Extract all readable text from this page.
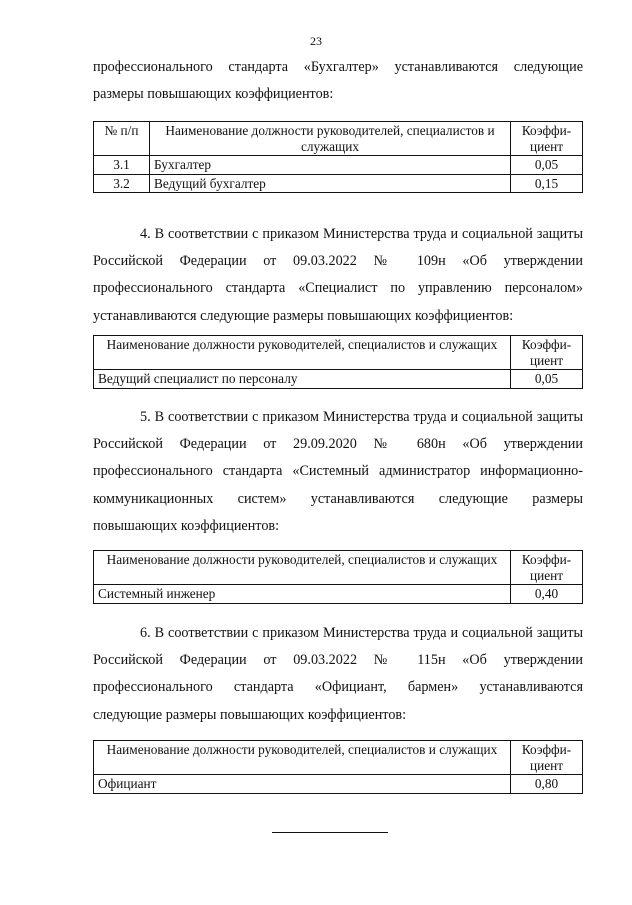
23

профессионального стандарта «Бухгалтер» устанавливаются следующие размеры повышающих коэффициентов:

№ п/п	Наименование должности руководителей, специалистов и служащих	Коэффи- циент
3.1	Бухгалтер	0,05
3.2	Ведущий бухгалтер	0,15

4. В соответствии с приказом Министерства труда и социальной защиты Российской Федерации от 09.03.2022 № 109н «Об утверждении профессионального стандарта «Специалист по управлению персоналом» устанавливаются следующие размеры повышающих коэффициентов:

Наименование должности руководителей, специалистов и служащих	Коэффи- циент
Ведущий специалист по персоналу	0,05

5. В соответствии с приказом Министерства труда и социальной защиты Российской Федерации от 29.09.2020 № 680н «Об утверждении профессионального стандарта «Системный администратор информационно-коммуникационных систем» устанавливаются следующие размеры повышающих коэффициентов:

Наименование должности руководителей, специалистов и служащих	Коэффи- циент
Системный инженер	0,40

6. В соответствии с приказом Министерства труда и социальной защиты Российской Федерации от 09.03.2022 № 115н «Об утверждении профессионального стандарта «Официант, бармен» устанавливаются следующие размеры повышающих коэффициентов:

Наименование должности руководителей, специалистов и служащих	Коэффи- циент
Официант	0,80
